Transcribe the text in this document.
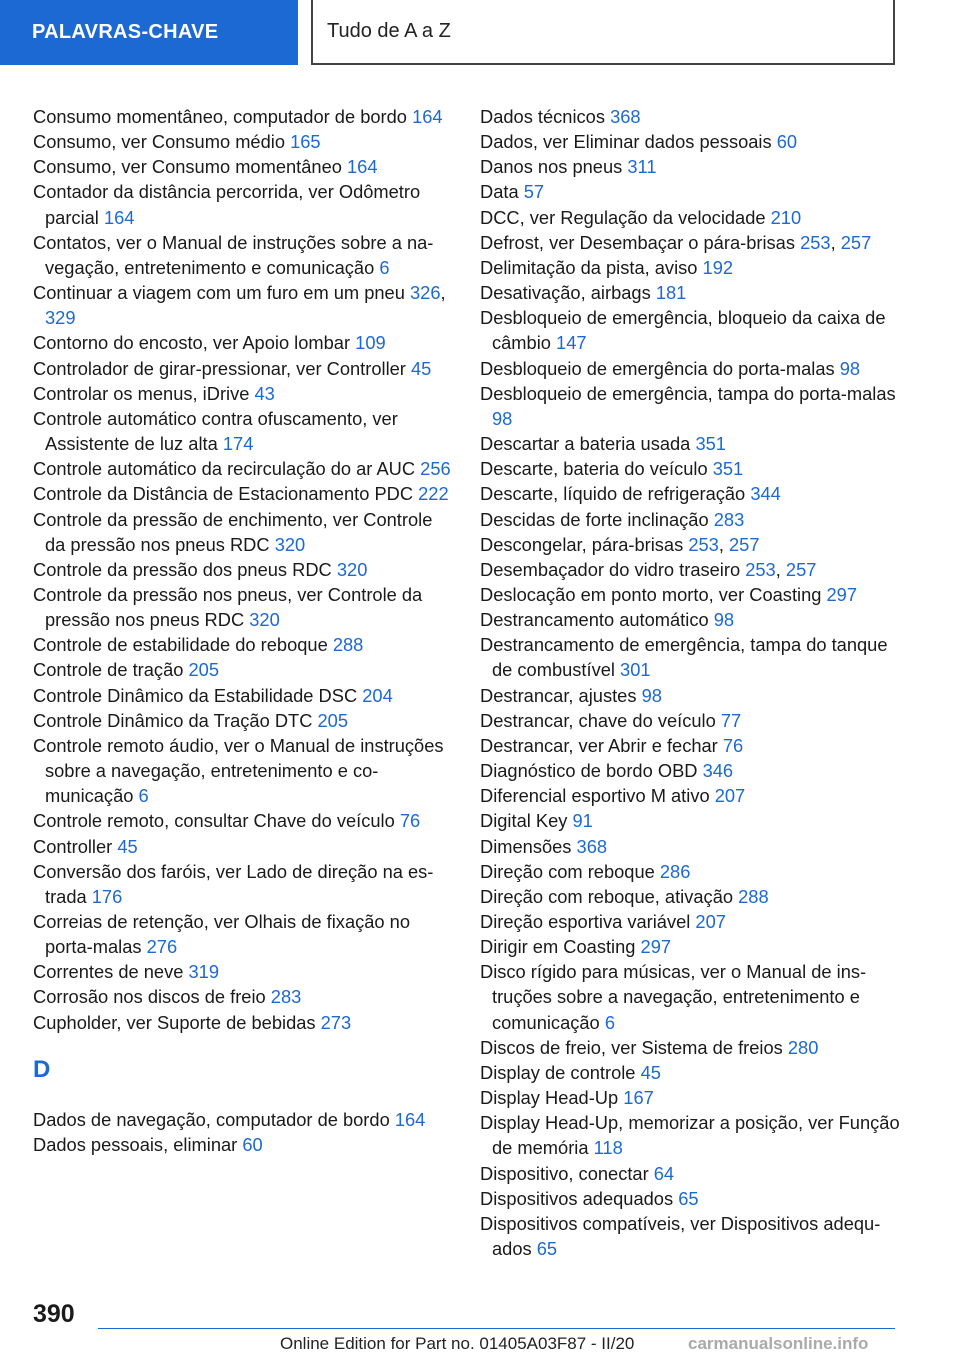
PALAVRAS-CHAVE	Tudo de A a Z
Consumo momentâneo, computador de bordo 164
Consumo, ver Consumo médio 165
Consumo, ver Consumo momentâneo 164
Contador da distância percorrida, ver Odômetro parcial 164
Contatos, ver o Manual de instruções sobre a navegação, entretenimento e comunicação 6
Continuar a viagem com um furo em um pneu 326, 329
Contorno do encosto, ver Apoio lombar 109
Controlador de girar-pressionar, ver Controller 45
Controlar os menus, iDrive 43
Controle automático contra ofuscamento, ver Assistente de luz alta 174
Controle automático da recirculação do ar AUC 256
Controle da Distância de Estacionamento PDC 222
Controle da pressão de enchimento, ver Controle da pressão nos pneus RDC 320
Controle da pressão dos pneus RDC 320
Controle da pressão nos pneus, ver Controle da pressão nos pneus RDC 320
Controle de estabilidade do reboque 288
Controle de tração 205
Controle Dinâmico da Estabilidade DSC 204
Controle Dinâmico da Tração DTC 205
Controle remoto áudio, ver o Manual de instruções sobre a navegação, entretenimento e comunicação 6
Controle remoto, consultar Chave do veículo 76
Controller 45
Conversão dos faróis, ver Lado de direção na estrada 176
Correias de retenção, ver Olhais de fixação no porta-malas 276
Correntes de neve 319
Corrosão nos discos de freio 283
Cupholder, ver Suporte de bebidas 273
D
Dados de navegação, computador de bordo 164
Dados pessoais, eliminar 60
Dados técnicos 368
Dados, ver Eliminar dados pessoais 60
Danos nos pneus 311
Data 57
DCC, ver Regulação da velocidade 210
Defrost, ver Desembaçar o pára-brisas 253, 257
Delimitação da pista, aviso 192
Desativação, airbags 181
Desbloqueio de emergência, bloqueio da caixa de câmbio 147
Desbloqueio de emergência do porta-malas 98
Desbloqueio de emergência, tampa do porta-malas 98
Descartar a bateria usada 351
Descarte, bateria do veículo 351
Descarte, líquido de refrigeração 344
Descidas de forte inclinação 283
Descongelar, pára-brisas 253, 257
Desembaçador do vidro traseiro 253, 257
Deslocação em ponto morto, ver Coasting 297
Destrancamento automático 98
Destrancamento de emergência, tampa do tanque de combustível 301
Destrancar, ajustes 98
Destrancar, chave do veículo 77
Destrancar, ver Abrir e fechar 76
Diagnóstico de bordo OBD 346
Diferencial esportivo M ativo 207
Digital Key 91
Dimensões 368
Direção com reboque 286
Direção com reboque, ativação 288
Direção esportiva variável 207
Dirigir em Coasting 297
Disco rígido para músicas, ver o Manual de instruções sobre a navegação, entretenimento e comunicação 6
Discos de freio, ver Sistema de freios 280
Display de controle 45
Display Head-Up 167
Display Head-Up, memorizar a posição, ver Função de memória 118
Dispositivo, conectar 64
Dispositivos adequados 65
Dispositivos compatíveis, ver Dispositivos adequados 65
390
Online Edition for Part no. 01405A03F87 - II/20	carmanualsonline.info
